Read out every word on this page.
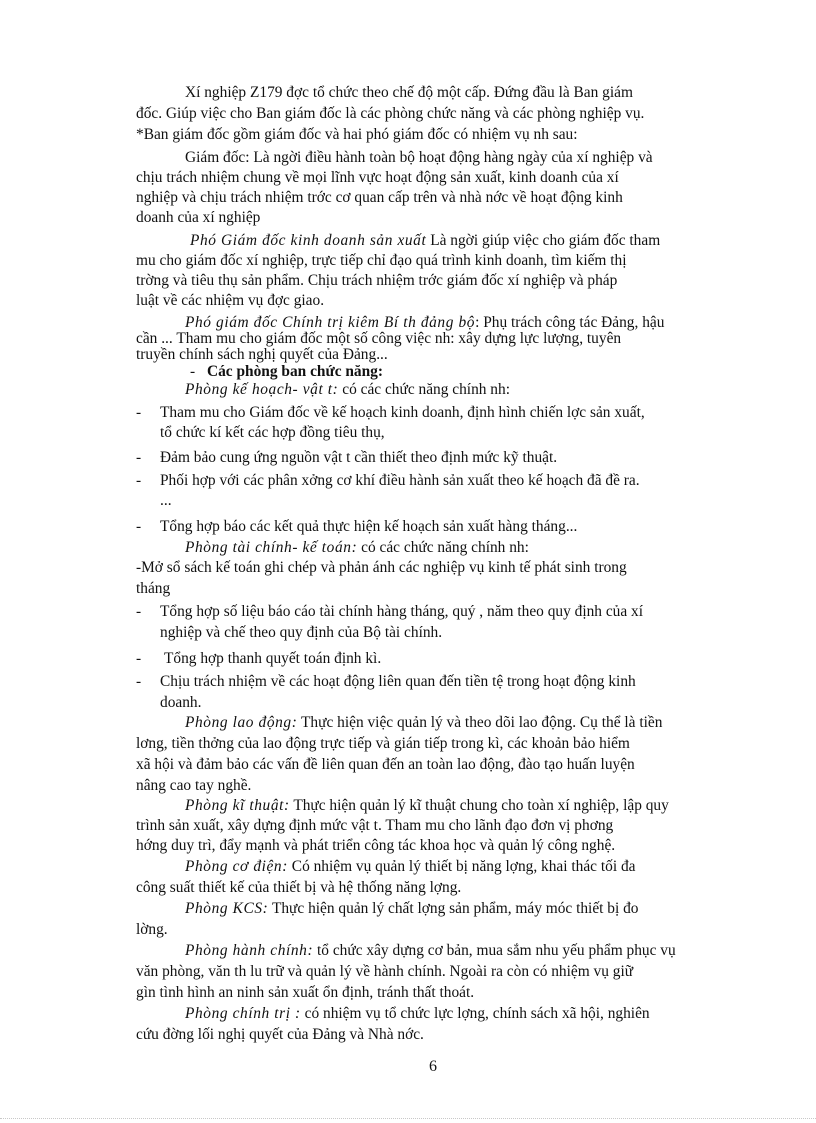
Xí nghiệp Z179 đợc tổ chức theo chế độ một cấp. Đứng đầu là Ban giám
đốc. Giúp việc cho Ban giám đốc là các phòng chức năng và các phòng nghiệp vụ.
*Ban giám đốc gồm giám đốc và hai phó giám đốc có nhiệm vụ nh sau:
Giám đốc: Là ngời điều hành toàn bộ hoạt động hàng ngày của xí nghiệp và
chịu trách nhiệm chung về mọi lĩnh vực hoạt động sản xuất, kinh doanh của xí
nghiệp và chịu trách nhiệm trớc cơ quan cấp trên và nhà nớc về hoạt động kinh
doanh của xí nghiệp
Phó Giám đốc kinh doanh sản xuất Là ngời giúp việc cho giám đốc tham
mu cho giám đốc xí nghiệp, trực tiếp chỉ đạo quá trình kinh doanh, tìm kiếm thị
trờng và tiêu thụ sản phẩm. Chịu trách nhiệm trớc giám đốc xí nghiệp và pháp
luật về các nhiệm vụ đợc giao.
Phó giám đốc Chính trị kiêm Bí th đảng bộ: Phụ trách công tác Đảng, hậu
cần ... Tham mu cho giám đốc một số công việc nh: xây dựng lực lượng, tuyên
truyền chính sách nghị quyết của Đảng...
- Các phòng ban chức năng:
Phòng kế hoạch- vật t: có các chức năng chính nh:
- Tham mu cho Giám đốc về kế hoạch kinh doanh, định hình chiến lợc sản xuất,
tổ chức kí kết các hợp đồng tiêu thụ,
- Đảm bảo cung ứng nguồn vật t cần thiết theo định mức kỹ thuật.
- Phối hợp với các phân xởng cơ khí điều hành sản xuất theo kế hoạch đã đề ra.
...
- Tổng hợp báo các kết quả thực hiện kế hoạch sản xuất hàng tháng...
Phòng tài chính- kế toán: có các chức năng chính nh:
-Mở sổ sách kế toán ghi chép và phản ánh các nghiệp vụ kinh tế phát sinh trong
tháng
- Tổng hợp số liệu báo cáo tài chính hàng tháng, quý , năm theo quy định của xí
nghiệp và chế theo quy định của Bộ tài chính.
- Tổng hợp thanh quyết toán định kì.
- Chịu trách nhiệm về các hoạt động liên quan đến tiền tệ trong hoạt động kinh
doanh.
Phòng lao động: Thực hiện việc quản lý và theo dõi lao động. Cụ thể là tiền
lơng, tiền thởng của lao động trực tiếp và gián tiếp trong kì, các khoản bảo hiểm
xã hội và đảm bảo các vấn đề liên quan đến an toàn lao động, đào tạo huấn luyện
nâng cao tay nghề.
Phòng kĩ thuật: Thực hiện quản lý kĩ thuật chung cho toàn xí nghiệp, lập quy
trình sản xuất, xây dựng định mức vật t. Tham mu cho lãnh đạo đơn vị phơng
hớng duy trì, đẩy mạnh và phát triển công tác khoa học và quản lý công nghệ.
Phòng cơ điện: Có nhiệm vụ quản lý thiết bị năng lợng, khai thác tối đa
công suất thiết kế của thiết bị và hệ thống năng lợng.
Phòng KCS: Thực hiện quản lý chất lợng sản phẩm, máy móc thiết bị đo
lờng.
Phòng hành chính: tổ chức xây dựng cơ bản, mua sắm nhu yếu phẩm phục vụ
văn phòng, văn th lu trữ và quản lý về hành chính. Ngoài ra còn có nhiệm vụ giữ
gìn tình hình an ninh sản xuất ổn định, tránh thất thoát.
Phòng chính trị : có nhiệm vụ tổ chức lực lợng, chính sách xã hội, nghiên
cứu đờng lối nghị quyết của Đảng và Nhà nớc.
6
